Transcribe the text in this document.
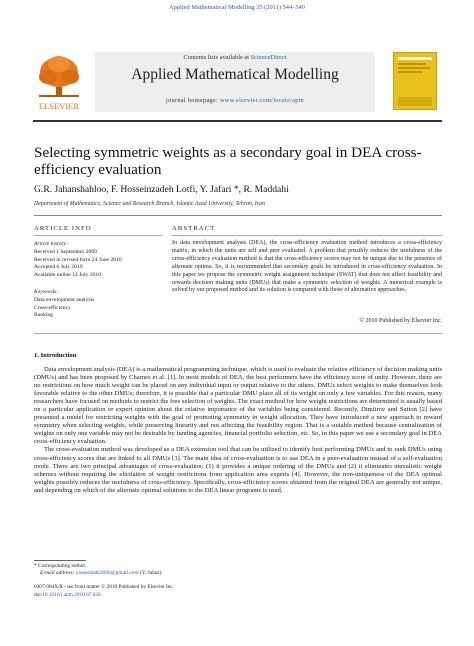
Applied Mathematical Modelling 35 (2011) 544–549
ELSEVIER
Contents lists available at ScienceDirect
Applied Mathematical Modelling
journal homepage: www.elsevier.com/locate/apm
Selecting symmetric weights as a secondary goal in DEA cross-efficiency evaluation
G.R. Jahanshahloo, F. Hosseinzadeh Lotfi, Y. Jafari *, R. Maddahi
Department of Mathematics, Science and Research Branch, Islamic Azad University, Tehran, Iran
ARTICLE INFO	ABSTRACT
Article history:
Received 1 September 2009
Received in revised form 24 June 2010
Accepted 6 July 2010
Available online 14 July 2010
Keywords:
Data envelopment analysis
Cross-efficiency
Ranking
In data envelopment analysis (DEA), the cross-efficiency evaluation method introduces a cross-efficiency matrix, in which the units are self and peer evaluated. A problem that possibly reduces the usefulness of the cross-efficiency evaluation method is that the cross-efficiency scores may not be unique due to the presence of alternate optima. So, it is recommended that secondary goals be introduced in cross-efficiency evaluation. In this paper we propose the symmetric weight assignment technique (SWAT) that does not affect feasibility and rewards decision making units (DMUs) that make a symmetric selection of weights. A numerical example is solved by our proposed method and its solution is compared with those of alternative approaches.
© 2010 Published by Elsevier Inc.
1. Introduction

Data envelopment analysis (DEA) is a mathematical programming technique, which is used to evaluate the relative efficiency of decision making units (DMUs) and has been proposed by Charnes et al. [1]. In most models of DEA, the best performers have the efficiency score of unity. However, there are no restrictions on how much weight can be placed on any individual input or output relative to the others. DMUs select weights to make themselves look favorable relative to the other DMUs; therefore, it is possible that a particular DMU place all of its weight on only a few variables. For this reason, many researchers have focused on methods to restrict the free selection of weights. The exact method for how weight restrictions are determined is usually based on a particular application or expert opinion about the relative importance of the variables being considered. Recently, Dimitrov and Sutton [2] have presented a model for restricting weights with the goal of promoting symmetry in weight allocation. They have introduced a new approach to reward symmetry when selecting weights, while preserving linearity and not affecting the feasibility region. That is a suitable method because centralization of weights on only one variable may not be desirable by funding agencies, financial portfolio selection, etc. So, in this paper we use a secondary goal in DEA cross-efficiency evaluation.

The cross-evaluation method was developed as a DEA extension tool that can be utilized to identify best performing DMUs and to rank DMUs using cross-efficiency scores that are linked to all DMUs [3]. The main idea of cross-evaluation is to use DEA in a peer-evaluation instead of a self-evaluation mode. There are two principal advantages of cross-evaluation: (1) it provides a unique ordering of the DMUs and (2) it eliminates unrealistic weight schemes without requiring the elicitation of weight restrictions from application area experts [4]. However, the non-uniqueness of the DEA optimal weights possibly reduces the usefulness of cross-efficiency. Specifically, cross-efficiency scores obtained from the original DEA are generally not unique, and depending on which of the alternate optimal solutions to the DEA linear programs is used,

* Corresponding author.
E-mail address: yassermath2006@gmail.com (Y. Jafari).
0307-904X/$ - see front matter © 2010 Published by Elsevier Inc.
doi:10.1016/j.apm.2010.07.020
